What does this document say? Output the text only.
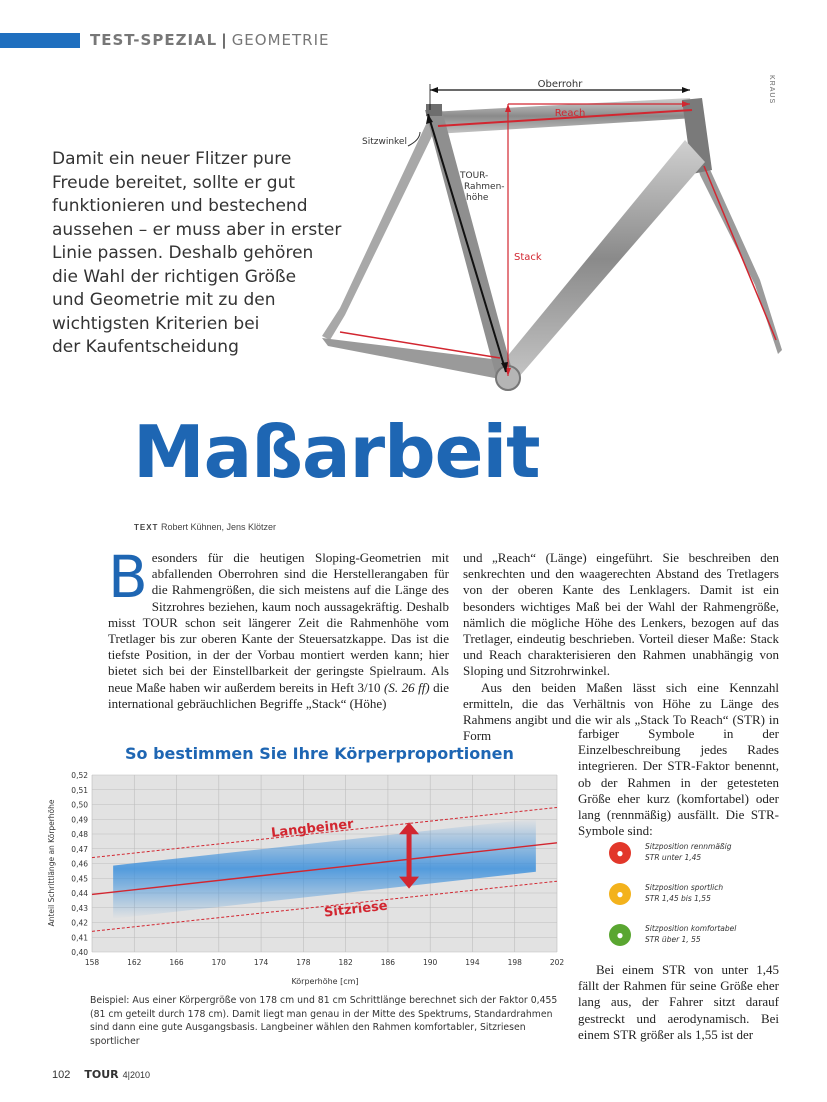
TEST-SPEZIAL | GEOMETRIE
KRAUS
Oberrohr
Reach
Stack
TOUR- Rahmen- höhe
Sitzwinkel
Damit ein neuer Flitzer pure
Freude bereitet, sollte er gut
funktionieren und bestechend
aussehen – er muss aber in erster
Linie passen. Deshalb gehören
die Wahl der richtigen Größe
und Geometrie mit zu den
wichtigsten Kriterien bei
der Kaufentscheidung
Maßarbeit
TEXT Robert Kühnen, Jens Klötzer

Besonders für die heutigen Sloping-Geometrien mit abfallenden Oberrohren sind die Herstellerangaben für die Rahmengrößen, die sich meistens auf die Länge des Sitzrohres beziehen, kaum noch aussagekräftig. Deshalb misst TOUR schon seit längerer Zeit die Rahmenhöhe vom Tretlager bis zur oberen Kante der Steuersatzkappe. Das ist die tiefste Position, in der der Vorbau montiert werden kann; hier bietet sich bei der Einstellbarkeit der geringste Spielraum. Als neue Maße haben wir außerdem bereits in Heft 3/10 (S. 26 ff) die international gebräuchlichen Begriffe „Stack“ (Höhe)

und „Reach“ (Länge) eingeführt. Sie beschreiben den senkrechten und den waagerechten Abstand des Tretlagers von der oberen Kante des Lenklagers. Damit ist ein besonders wichtiges Maß bei der Wahl der Rahmengröße, nämlich die mögliche Höhe des Lenkers, bezogen auf das Tretlager, eindeutig beschrieben. Vorteil dieser Maße: Stack und Reach charakterisieren den Rahmen unabhängig von Sloping und Sitzrohrwinkel.

Aus den beiden Maßen lässt sich eine Kennzahl ermitteln, die das Verhältnis von Höhe zu Länge des Rahmens angibt und die wir als „Stack To Reach“ (STR) in Form	farbiger Symbole in der Einzelbeschreibung jedes Rades integrieren. Der STR-Faktor benennt, ob der Rahmen in der getesteten Größe eher kurz (komfortabel) oder lang (rennmäßig) ausfällt. Die STR-Symbole sind:

●	Sitzposition rennmäßig
STR unter 1,45
●	Sitzposition sportlich
STR 1,45 bis 1,55
●	Sitzposition komfortabel
STR über 1, 55

Bei einem STR von unter 1,45 fällt der Rahmen für seine Größe eher lang aus, der Fahrer sitzt darauf gestreckt und aerodynamisch. Bei einem STR größer als 1,55 ist der

So bestimmen Sie Ihre Körperproportionen
158	162	166	170	174	178	182	186	190	194	198	202
0,40
0,41
0,42
0,43
0,44
0,45
0,46
0,47
0,48
0,49
0,50
0,51
0,52
Langbeiner
Sitzriese
Körperhöhe [cm]
Anteil Schrittlänge an Körperhöhe
Beispiel: Aus einer Körpergröße von 178 cm und 81 cm Schrittlänge berechnet sich der Faktor 0,455 (81 cm geteilt durch 178 cm). Damit liegt man genau in der Mitte des Spektrums, Standardrahmen sind dann eine gute Ausgangsbasis. Langbeiner wählen den Rahmen komfortabler, Sitzriesen sportlicher
102 TOUR 4|2010
